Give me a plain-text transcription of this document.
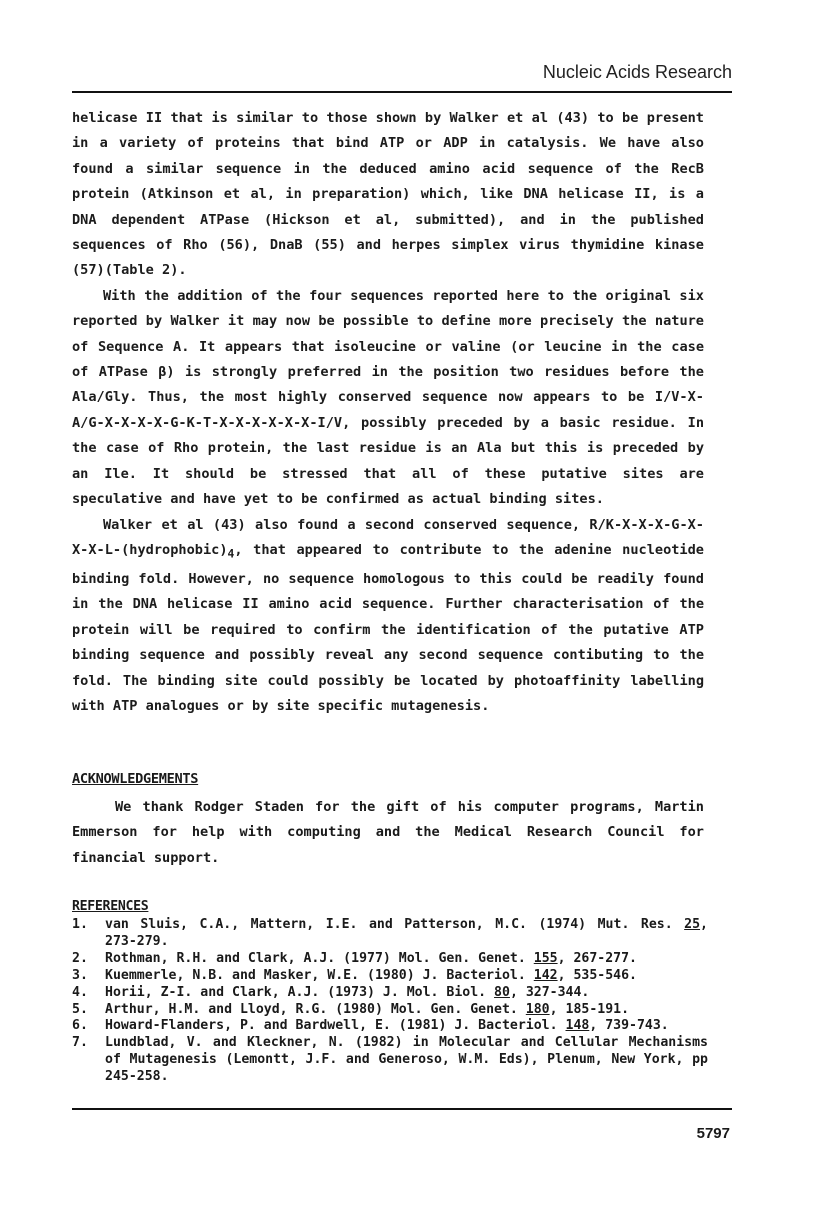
Nucleic Acids Research

helicase II that is similar to those shown by Walker et al (43) to be present in a variety of proteins that bind ATP or ADP in catalysis. We have also found a similar sequence in the deduced amino acid sequence of the RecB protein (Atkinson et al, in preparation) which, like DNA helicase II, is a DNA dependent ATPase (Hickson et al, submitted), and in the published sequences of Rho (56), DnaB (55) and herpes simplex virus thymidine kinase (57)(Table 2).

With the addition of the four sequences reported here to the original six reported by Walker it may now be possible to define more precisely the nature of Sequence A. It appears that isoleucine or valine (or leucine in the case of ATPase β) is strongly preferred in the position two residues before the Ala/Gly. Thus, the most highly conserved sequence now appears to be I/V-X-A/G-X-X-X-X-G-K-T-X-X-X-X-X-X-I/V, possibly preceded by a basic residue. In the case of Rho protein, the last residue is an Ala but this is preceded by an Ile. It should be stressed that all of these putative sites are speculative and have yet to be confirmed as actual binding sites.

Walker et al (43) also found a second conserved sequence, $R/K-X-X-X-G-X-X-X-L-(hydrophobic)_4$, that appeared to contribute to the adenine nucleotide binding fold. However, no sequence homologous to this could be readily found in the DNA helicase II amino acid sequence. Further characterisation of the protein will be required to confirm the identification of the putative ATP binding sequence and possibly reveal any second sequence contibuting to the fold. The binding site could possibly be located by photoaffinity labelling with ATP analogues or by site specific mutagenesis.

ACKNOWLEDGEMENTS

We thank Rodger Staden for the gift of his computer programs, Martin Emmerson for help with computing and the Medical Research Council for financial support.

REFERENCES
1.	van Sluis, C.A., Mattern, I.E. and Patterson, M.C. (1974) Mut. Res. 25, 273-279.
2.	Rothman, R.H. and Clark, A.J. (1977) Mol. Gen. Genet. 155, 267-277.
3.	Kuemmerle, N.B. and Masker, W.E. (1980) J. Bacteriol. 142, 535-546.
4.	Horii, Z-I. and Clark, A.J. (1973) J. Mol. Biol. 80, 327-344.
5.	Arthur, H.M. and Lloyd, R.G. (1980) Mol. Gen. Genet. 180, 185-191.
6.	Howard-Flanders, P. and Bardwell, E. (1981) J. Bacteriol. 148, 739-743.
7.	Lundblad, V. and Kleckner, N. (1982) in Molecular and Cellular Mechanisms of Mutagenesis (Lemontt, J.F. and Generoso, W.M. Eds), Plenum, New York, pp 245-258.
5797
